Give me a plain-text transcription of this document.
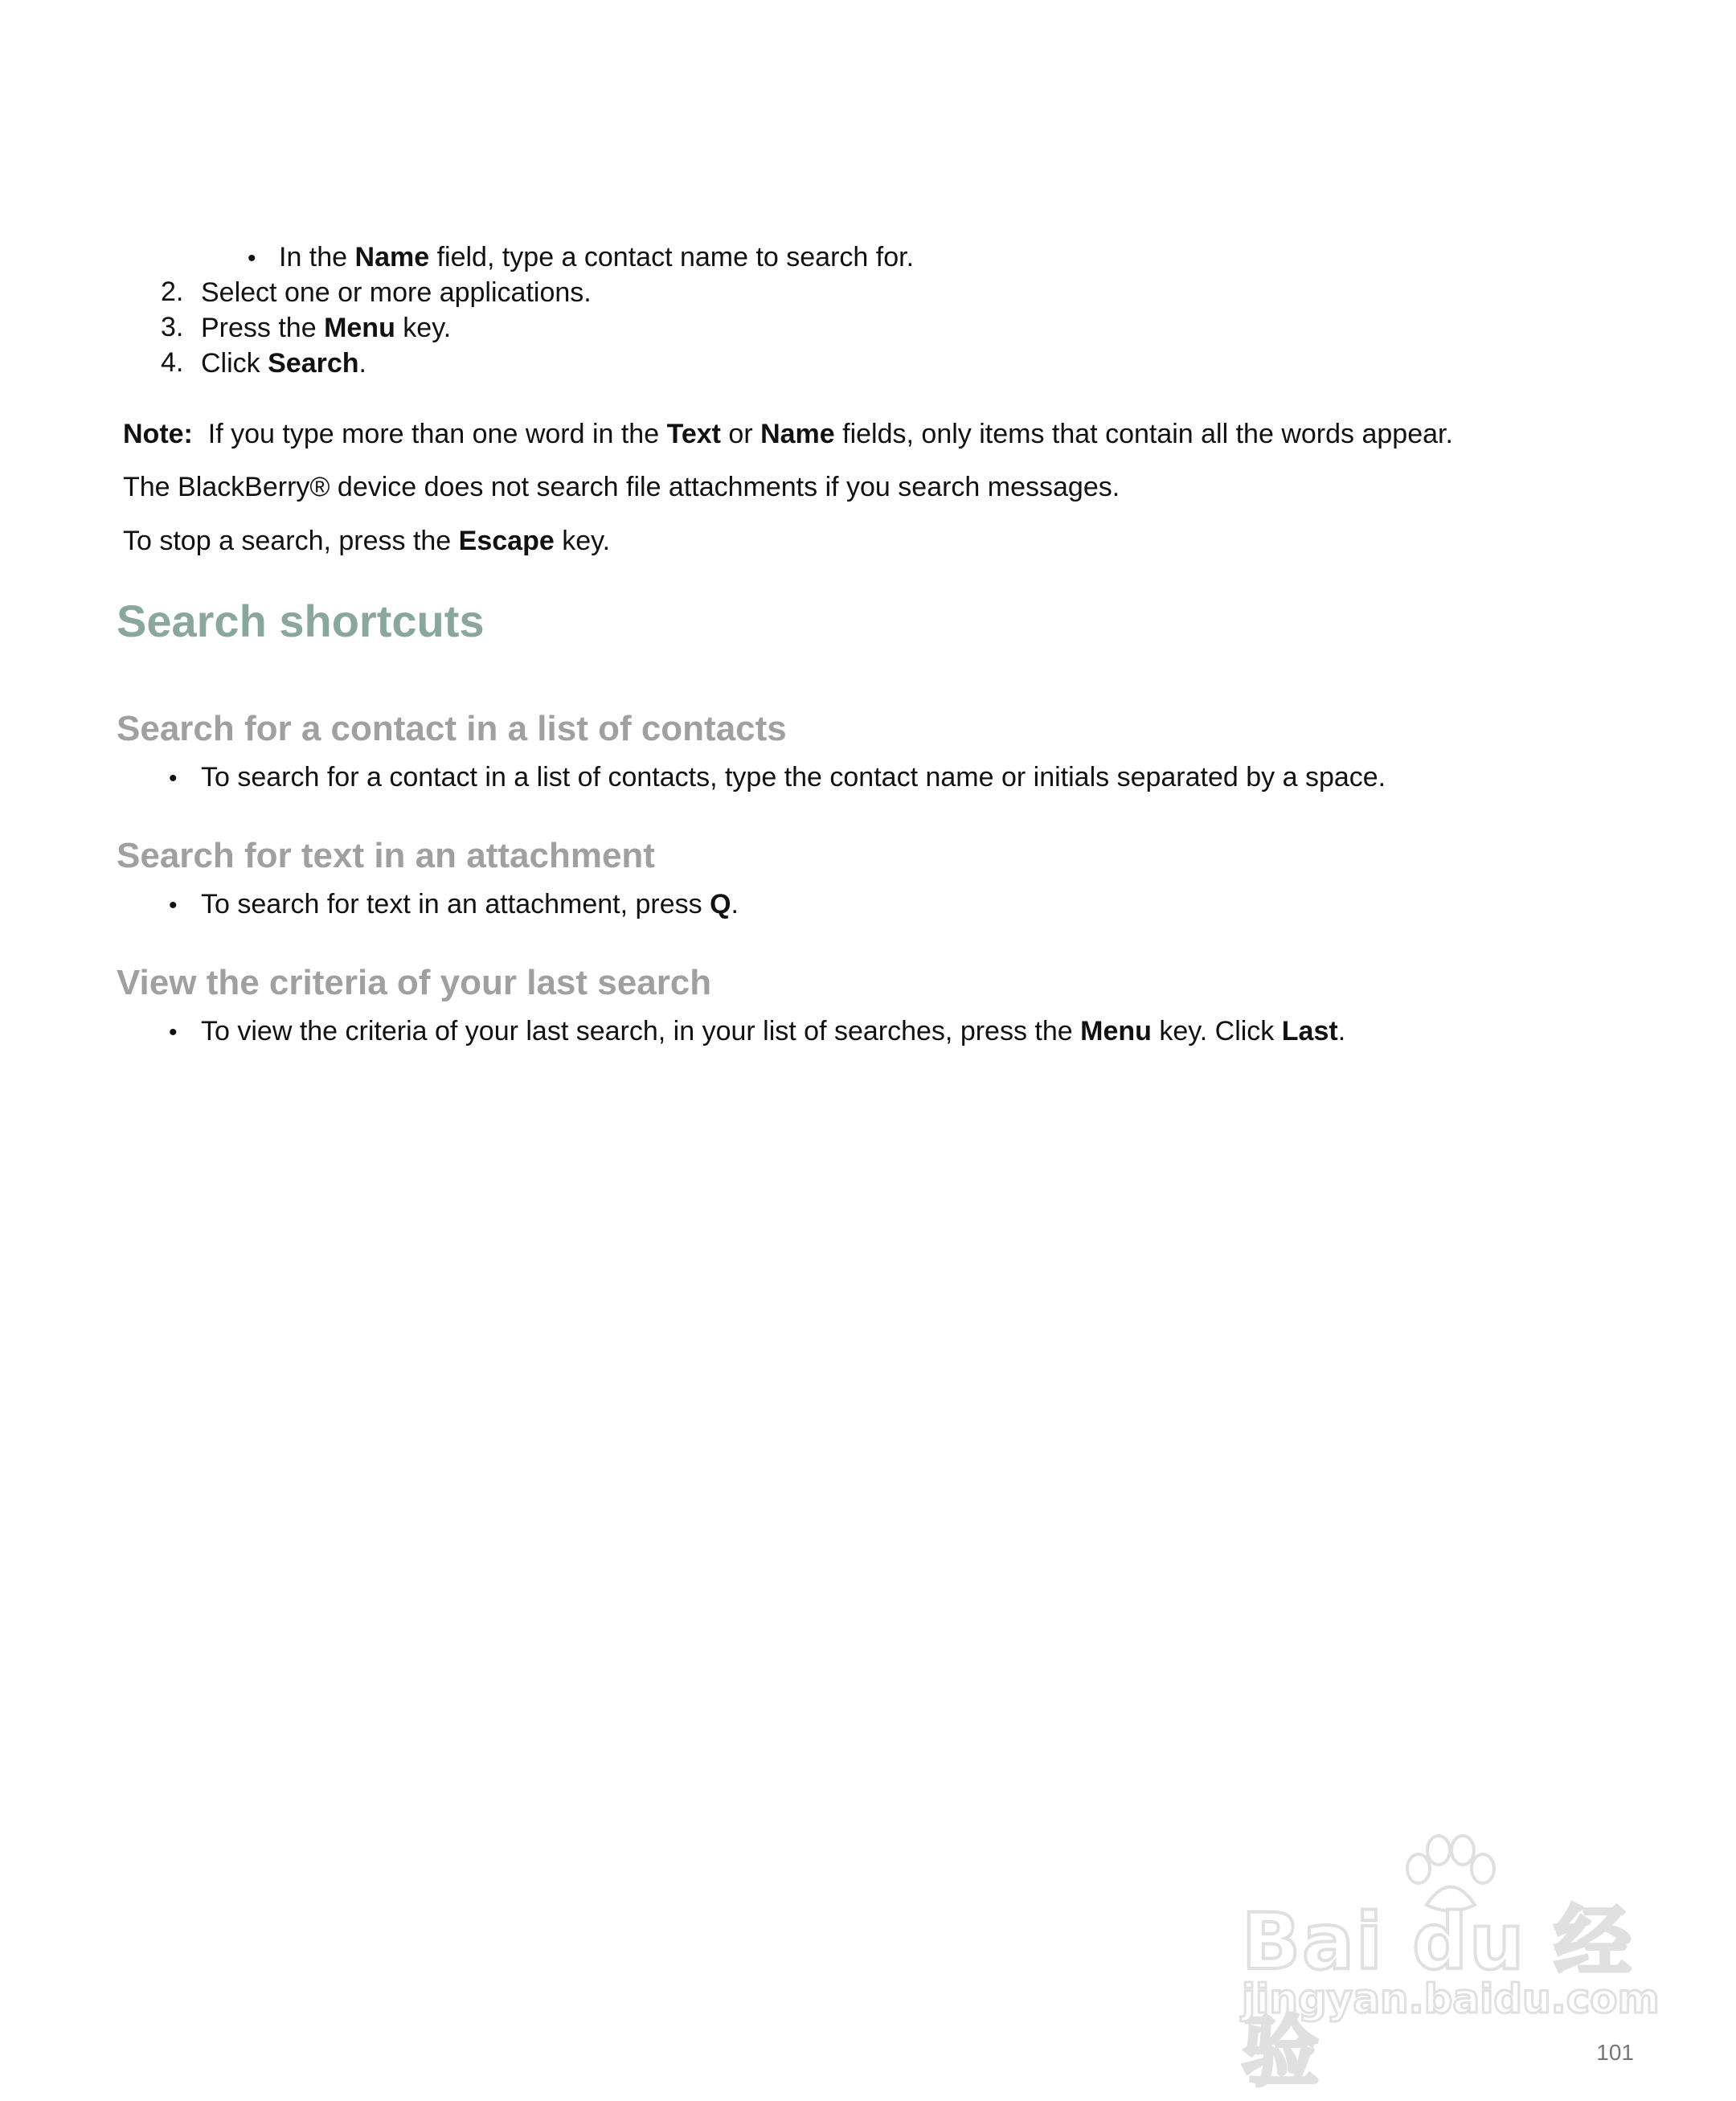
• In the Name field, type a contact name to search for.
2. Select one or more applications.
3. Press the Menu key.
4. Click Search.
Note: If you type more than one word in the Text or Name fields, only items that contain all the words appear.
The BlackBerry® device does not search file attachments if you search messages.
To stop a search, press the Escape key.
Search shortcuts
Search for a contact in a list of contacts
• To search for a contact in a list of contacts, type the contact name or initials separated by a space.
Search for text in an attachment
• To search for text in an attachment, press Q.
View the criteria of your last search
• To view the criteria of your last search, in your list of searches, press the Menu key. Click Last.
Bai du 经验
jingyan.baidu.com
101
